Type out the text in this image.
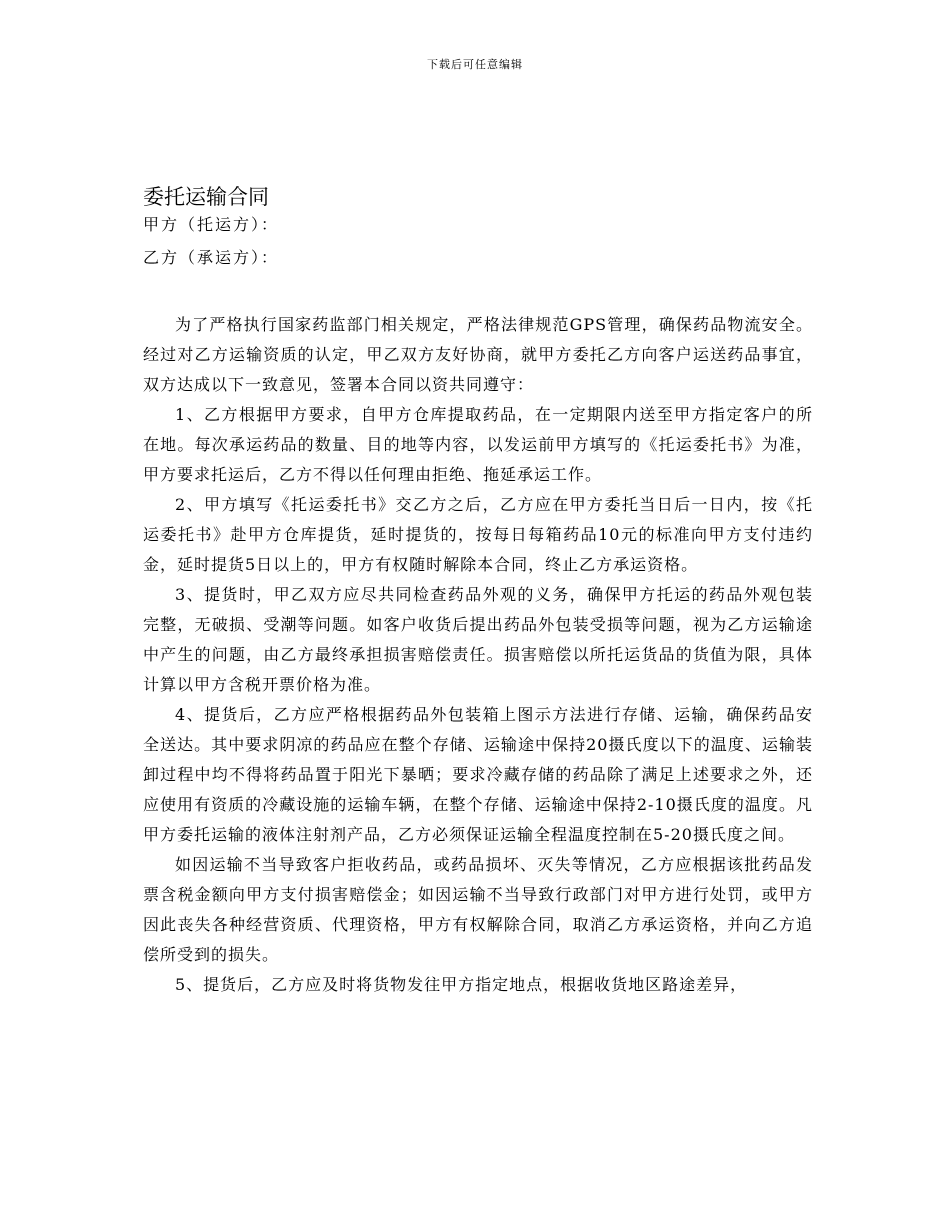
下载后可任意编辑
委托运输合同
甲方（托运方）：
乙方（承运方）：

为了严格执行国家药监部门相关规定，严格法律规范GPS管理，确保药品物流安全。经过对乙方运输资质的认定，甲乙双方友好协商，就甲方委托乙方向客户运送药品事宜，双方达成以下一致意见，签署本合同以资共同遵守：

1、乙方根据甲方要求，自甲方仓库提取药品，在一定期限内送至甲方指定客户的所在地。每次承运药品的数量、目的地等内容，以发运前甲方填写的《托运委托书》为准，甲方要求托运后，乙方不得以任何理由拒绝、拖延承运工作。

2、甲方填写《托运委托书》交乙方之后，乙方应在甲方委托当日后一日内，按《托运委托书》赴甲方仓库提货，延时提货的，按每日每箱药品10元的标准向甲方支付违约金，延时提货5日以上的，甲方有权随时解除本合同，终止乙方承运资格。

3、提货时，甲乙双方应尽共同检查药品外观的义务，确保甲方托运的药品外观包装完整，无破损、受潮等问题。如客户收货后提出药品外包装受损等问题，视为乙方运输途中产生的问题，由乙方最终承担损害赔偿责任。损害赔偿以所托运货品的货值为限，具体计算以甲方含税开票价格为准。

4、提货后，乙方应严格根据药品外包装箱上图示方法进行存储、运输，确保药品安全送达。其中要求阴凉的药品应在整个存储、运输途中保持20摄氏度以下的温度、运输装卸过程中均不得将药品置于阳光下暴晒；要求冷藏存储的药品除了满足上述要求之外，还应使用有资质的冷藏设施的运输车辆，在整个存储、运输途中保持2-10摄氏度的温度。凡甲方委托运输的液体注射剂产品，乙方必须保证运输全程温度控制在5-20摄氏度之间。

如因运输不当导致客户拒收药品，或药品损坏、灭失等情况，乙方应根据该批药品发票含税金额向甲方支付损害赔偿金；如因运输不当导致行政部门对甲方进行处罚，或甲方因此丧失各种经营资质、代理资格，甲方有权解除合同，取消乙方承运资格，并向乙方追偿所受到的损失。

5、提货后，乙方应及时将货物发往甲方指定地点，根据收货地区路途差异，
